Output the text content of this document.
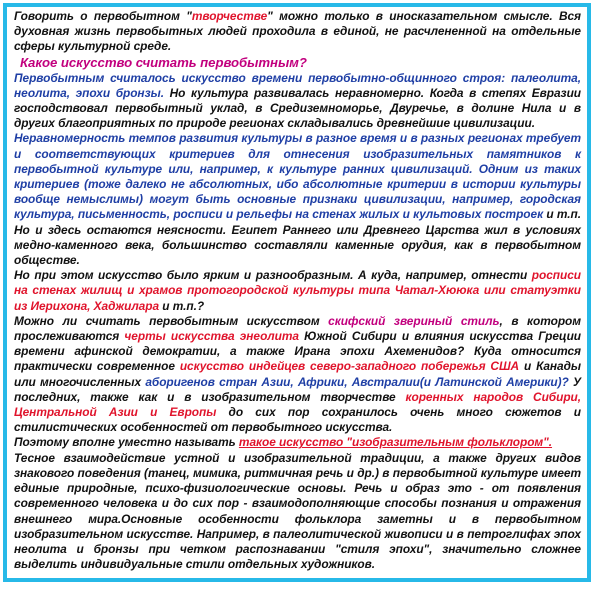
Говорить о первобытном "творчестве" можно только в иносказательном смысле. Вся духовная жизнь первобытных людей проходила в единой, не расчлененной на отдельные сферы культурной среде.

Какое искусство считать первобытным?

Первобытным считалось искусство времени первобытно-общинного строя: палеолита, неолита, эпохи бронзы. Но культура развивалась неравномерно. Когда в степях Евразии господствовал первобытный уклад, в Средиземноморье, Двуречье, в долине Нила и в других благоприятных по природе регионах складывались древнейшие цивилизации.

Неравномерность темпов развития культуры в разное время и в разных регионах требует и соответствующих критериев для отнесения изобразительных памятников к первобытной культуре или, например, к культуре ранних цивилизаций. Одним из таких критериев (тоже далеко не абсолютных, ибо абсолютные критерии в истории культуры вообще немыслимы) могут быть основные признаки цивилизации, например, городская культура, письменность, росписи и рельефы на стенах жилых и культовых построек и т.п. Но и здесь остаются неясности. Египет Раннего или Древнего Царства жил в условиях медно-каменного века, большинство составляли каменные орудия, как в первобытном обществе.

Но при этом искусство было ярким и разнообразным. А куда, например, отнести росписи на стенах жилищ и храмов протогородской культуры типа Чатал-Хююка или статуэтки из Иерихона, Хаджилара и т.п.?

Можно ли считать первобытным искусством скифский звериный стиль, в котором прослеживаются черты искусства энеолита Южной Сибири и влияния искусства Греции времени афинской демократии, а также Ирана эпохи Ахеменидов? Куда относится практически современное искусство индейцев северо-западного побережья США и Канады или многочисленных аборигенов стран Азии, Африки, Австралии(и Латинской Америки)? У последних, также как и в изобразительном творчестве коренных народов Сибири, Центральной Азии и Европы до сих пор сохранилось очень много сюжетов и стилистических особенностей от первобытного искусства.

Поэтому вполне уместно называть такое искусство "изобразительным фольклором".

Тесное взаимодействие устной и изобразительной традиции, а также других видов знакового поведения (танец, мимика, ритмичная речь и др.) в первобытной культуре имеет единые природные, психо-физиологические основы. Речь и образ это - от появления современного человека и до сих пор - взаимодополняющие способы познания и отражения внешнего мира.Основные особенности фольклора заметны и в первобытном изобразительном искусстве. Например, в палеолитической живописи и в петроглифах эпох неолита и бронзы при четком распознавании "стиля эпохи", значительно сложнее выделить индивидуальные стили отдельных художников.
